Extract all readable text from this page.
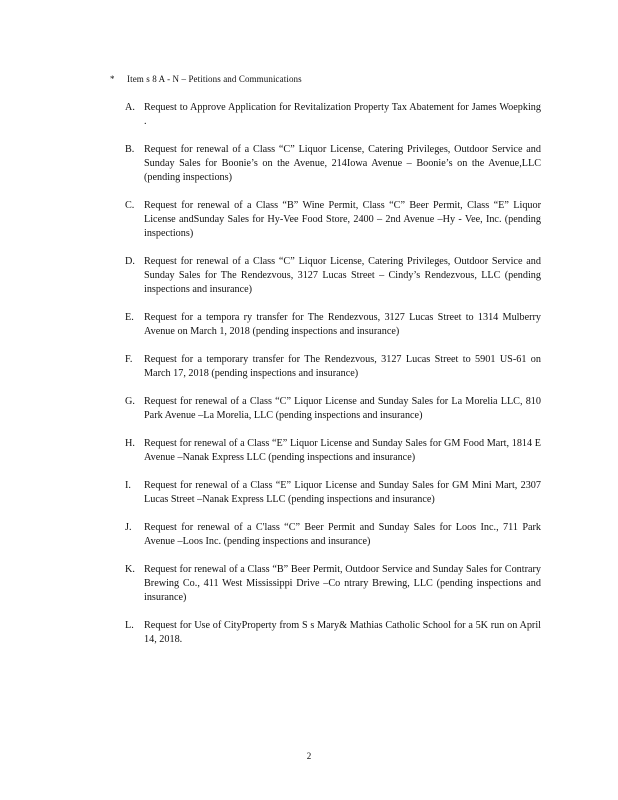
* Item s 8 A - N – Petitions and Communications
A. Request to Approve Application for Revitalization Property Tax Abatement for James Woepking .
B. Request for renewal of a Class “C” Liquor License, Catering Privileges, Outdoor Service and Sunday Sales for Boonie’s on the Avenue, 214Iowa Avenue – Boonie’s on the Avenue,LLC (pending inspections)
C. Request for renewal of a Class “B” Wine Permit, Class “C” Beer Permit, Class “E” Liquor License andSunday Sales for Hy-Vee Food Store, 2400 – 2nd Avenue –Hy - Vee, Inc. (pending inspections)
D. Request for renewal of a Class “C” Liquor License, Catering Privileges, Outdoor Service and Sunday Sales for The Rendezvous, 3127 Lucas Street – Cindy’s Rendezvous, LLC (pending inspections and insurance)
E. Request for a tempora ry transfer for The Rendezvous, 3127 Lucas Street to 1314 Mulberry Avenue on March 1, 2018 (pending inspections and insurance)
F. Request for a temporary transfer for The Rendezvous, 3127 Lucas Street to 5901 US-61 on March 17, 2018 (pending inspections and insurance)
G. Request for renewal of a Class “C” Liquor License and Sunday Sales for La Morelia LLC, 810 Park Avenue –La Morelia, LLC (pending inspections and insurance)
H. Request for renewal of a Class “E” Liquor License and Sunday Sales for GM Food Mart, 1814 E Avenue –Nanak Express LLC (pending inspections and insurance)
I. Request for renewal of a Class “E” Liquor License and Sunday Sales for GM Mini Mart, 2307 Lucas Street –Nanak Express LLC (pending inspections and insurance)
J. Request for renewal of a C'lass “C” Beer Permit and Sunday Sales for Loos Inc., 711 Park Avenue –Loos Inc. (pending inspections and insurance)
K. Request for renewal of a Class “B” Beer Permit, Outdoor Service and Sunday Sales for Contrary Brewing Co., 411 West Mississippi Drive –Co ntrary Brewing, LLC (pending inspections and insurance)
L. Request for Use of CityProperty from S s Mary& Mathias Catholic School for a 5K run on April 14, 2018.
2
